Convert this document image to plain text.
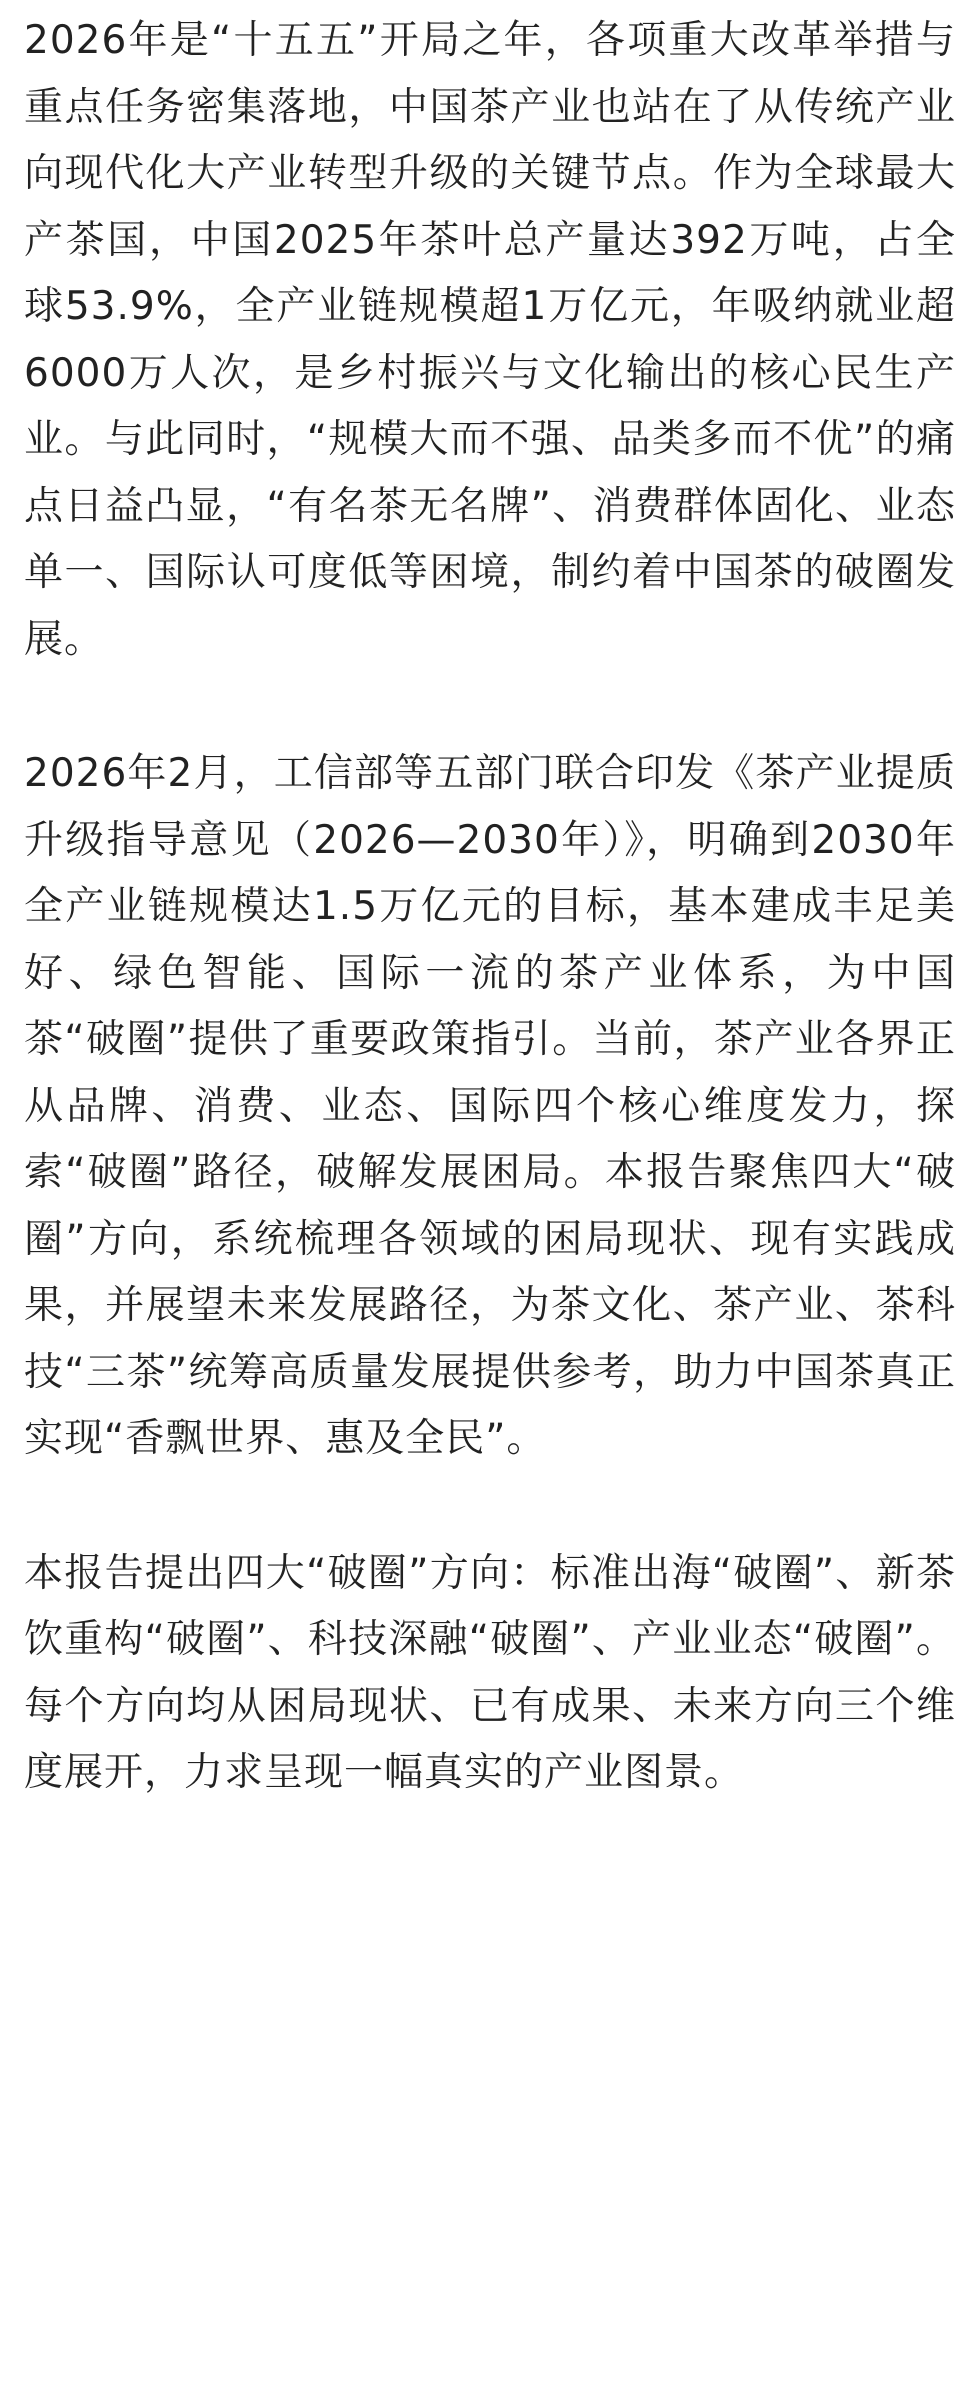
2026年是“十五五”开局之年，各项重大改革举措与重点任务密集落地，中国茶产业也站在了从传统产业向现代化大产业转型升级的关键节点。作为全球最大产茶国，中国2025年茶叶总产量达392万吨，占全球53.9%，全产业链规模超1万亿元，年吸纳就业超6000万人次，是乡村振兴与文化输出的核心民生产业。与此同时，“规模大而不强、品类多而不优”的痛点日益凸显，“有名茶无名牌”、消费群体固化、业态单一、国际认可度低等困境，制约着中国茶的破圈发展。

2026年2月，工信部等五部门联合印发《茶产业提质升级指导意见（2026—2030年）》，明确到2030年全产业链规模达1.5万亿元的目标，基本建成丰足美好、绿色智能、国际一流的茶产业体系，为中国茶“破圈”提供了重要政策指引。当前，茶产业各界正从品牌、消费、业态、国际四个核心维度发力，探索“破圈”路径，破解发展困局。本报告聚焦四大“破圈”方向，系统梳理各领域的困局现状、现有实践成果，并展望未来发展路径，为茶文化、茶产业、茶科技“三茶”统筹高质量发展提供参考，助力中国茶真正实现“香飘世界、惠及全民”。

本报告提出四大“破圈”方向：标准出海“破圈”、新茶饮重构“破圈”、科技深融“破圈”、产业业态“破圈”。每个方向均从困局现状、已有成果、未来方向三个维度展开，力求呈现一幅真实的产业图景。
